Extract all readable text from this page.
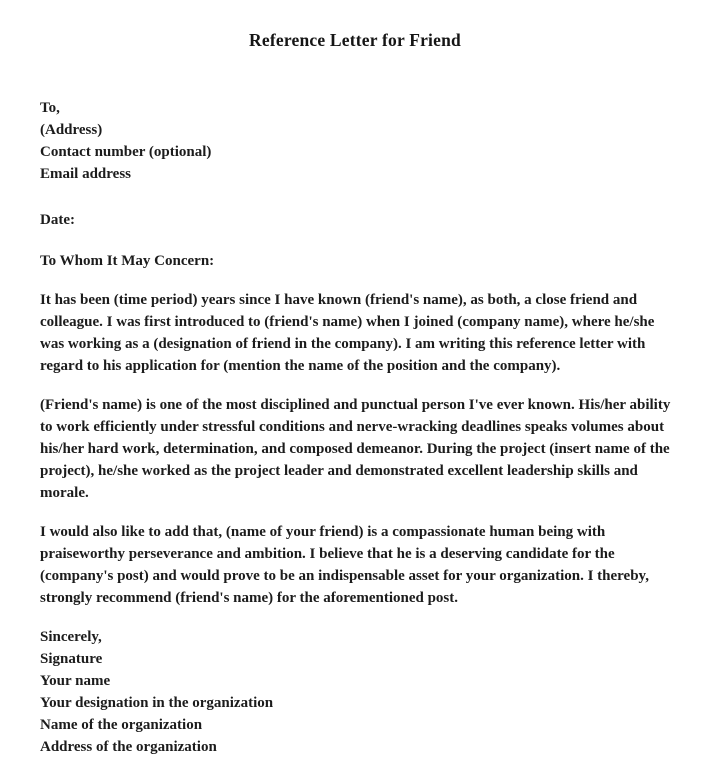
Reference Letter for Friend

To,

(Address)

Contact number (optional)

Email address

Date:

To Whom It May Concern:

It has been (time period) years since I have known (friend's name), as both, a close friend and colleague. I was first introduced to (friend's name) when I joined (company name), where he/she was working as a (designation of friend in the company). I am writing this reference letter with regard to his application for (mention the name of the position and the company).

(Friend's name) is one of the most disciplined and punctual person I've ever known. His/her ability to work efficiently under stressful conditions and nerve-wracking deadlines speaks volumes about his/her hard work, determination, and composed demeanor. During the project (insert name of the project), he/she worked as the project leader and demonstrated excellent leadership skills and morale.

I would also like to add that, (name of your friend) is a compassionate human being with praiseworthy perseverance and ambition. I believe that he is a deserving candidate for the (company's post) and would prove to be an indispensable asset for your organization. I thereby, strongly recommend (friend's name) for the aforementioned post.

Sincerely,

Signature

Your name

Your designation in the organization

Name of the organization

Address of the organization
